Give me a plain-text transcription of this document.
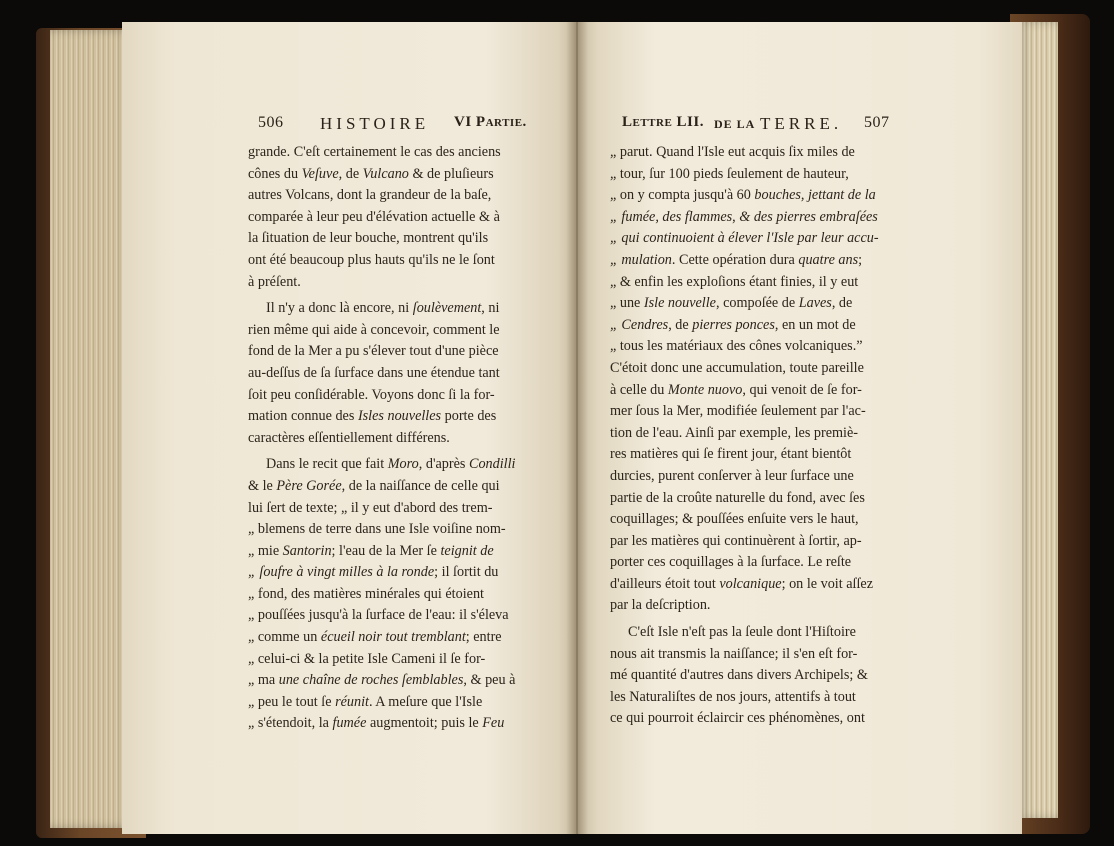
506 HISTOIRE VI Partie.	Lettre LII. DE LA TERRE. 507
grande. C'eſt certainement le cas des anciens
cônes du Veſuve, de Vulcano & de pluſieurs
autres Volcans, dont la grandeur de la baſe,
comparée à leur peu d'élévation actuelle & à
la ſituation de leur bouche, montrent qu'ils
ont été beaucoup plus hauts qu'ils ne le ſont
à préſent.
Il n'y a donc là encore, ni ſoulèvement, ni
rien même qui aide à concevoir, comment le
fond de la Mer a pu s'élever tout d'une pièce
au-deſſus de ſa ſurface dans une étendue tant
ſoit peu conſidérable. Voyons donc ſi la for-
mation connue des Isles nouvelles porte des
caractères eſſentiellement différens.
Dans le recit que fait Moro, d'après Condilli
& le Père Gorée, de la naiſſance de celle qui
lui ſert de texte; „ il y eut d'abord des trem-
„ blemens de terre dans une Isle voiſine nom-
„ mie Santorin; l'eau de la Mer ſe teignit de
„ ſoufre à vingt milles à la ronde; il ſortit du
„ fond, des matières minérales qui étoient
„ pouſſées jusqu'à la ſurface de l'eau: il s'éleva
„ comme un écueil noir tout tremblant; entre
„ celui-ci & la petite Isle Cameni il ſe for-
„ ma une chaîne de roches ſemblables, & peu à
„ peu le tout ſe réunit. A meſure que l'Isle
„ s'étendoit, la fumée augmentoit; puis le Feu
„ parut. Quand l'Isle eut acquis ſix miles de
„ tour, ſur 100 pieds ſeulement de hauteur,
„ on y compta jusqu'à 60 bouches, jettant de la
„ fumée, des flammes, & des pierres embraſées
„ qui continuoient à élever l'Isle par leur accu-
„ mulation. Cette opération dura quatre ans;
„ & enfin les exploſions étant finies, il y eut
„ une Isle nouvelle, compoſée de Laves, de
„ Cendres, de pierres ponces, en un mot de
„ tous les matériaux des cônes volcaniques.”
C'étoit donc une accumulation, toute pareille
à celle du Monte nuovo, qui venoit de ſe for-
mer ſous la Mer, modifiée ſeulement par l'ac-
tion de l'eau. Ainſi par exemple, les premiè-
res matières qui ſe firent jour, étant bientôt
durcies, purent conſerver à leur ſurface une
partie de la croûte naturelle du fond, avec ſes
coquillages; & pouſſées enſuite vers le haut,
par les matières qui continuèrent à ſortir, ap-
porter ces coquillages à la ſurface. Le reſte
d'ailleurs étoit tout volcanique; on le voit aſſez
par la deſcription.
C'eſt Isle n'eſt pas la ſeule dont l'Hiſtoire
nous ait transmis la naiſſance; il s'en eſt for-
mé quantité d'autres dans divers Archipels; &
les Naturaliſtes de nos jours, attentifs à tout
ce qui pourroit éclaircir ces phénomènes, ont
